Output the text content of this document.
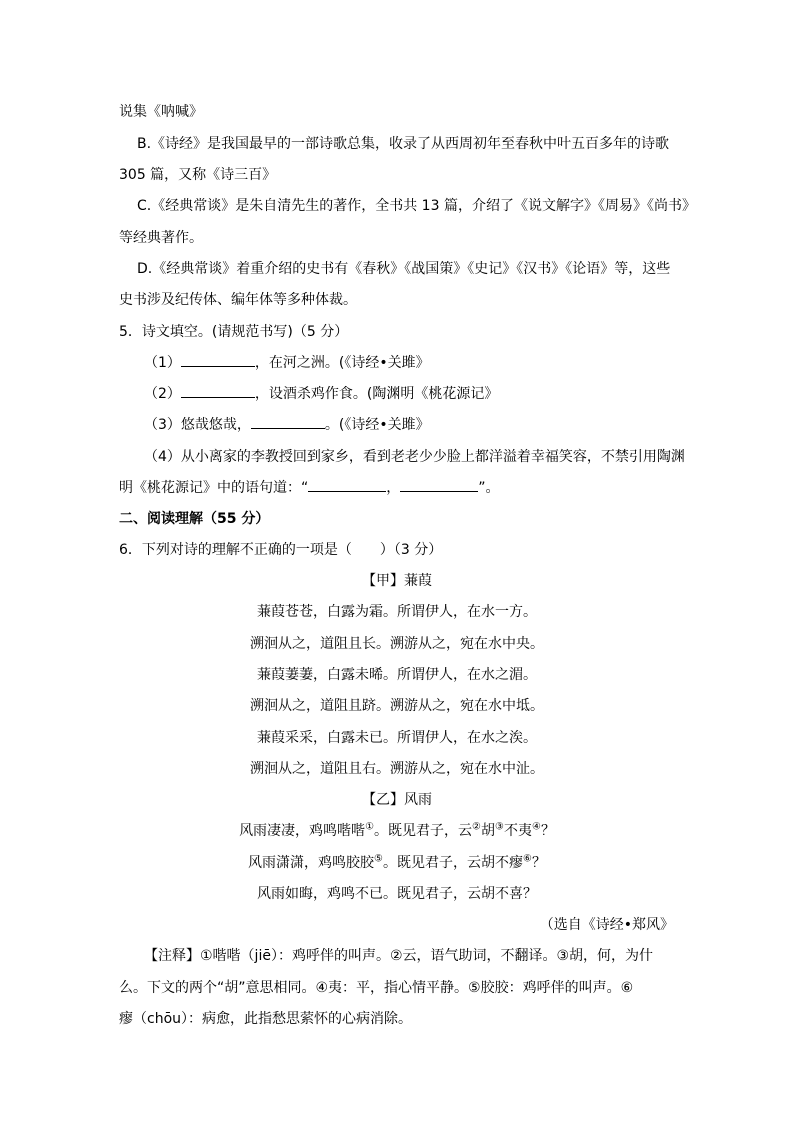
说集《呐喊》
B.《诗经》是我国最早的一部诗歌总集，收录了从西周初年至春秋中叶五百多年的诗歌
305 篇，又称《诗三百》
C.《经典常谈》是朱自清先生的著作，全书共 13 篇，介绍了《说文解字》《周易》《尚书》
等经典著作。
D.《经典常谈》着重介绍的史书有《春秋》《战国策》《史记》《汉书》《论语》等，这些
史书涉及纪传体、编年体等多种体裁。
5．诗文填空。(请规范书写)（5 分）
（1）	，在河之洲。(《诗经•关雎》
（2）	，设酒杀鸡作食。(陶渊明《桃花源记》
（3）悠哉悠哉，	。(《诗经•关雎》
（4）从小离家的李教授回到家乡，看到老老少少脸上都洋溢着幸福笑容，不禁引用陶渊
明《桃花源记》中的语句道：“	，	”。
二、阅读理解（55 分）
6．下列对诗的理解不正确的一项是（　　）（3 分）
【甲】蒹葭
蒹葭苍苍，白露为霜。所谓伊人，在水一方。
溯洄从之，道阻且长。溯游从之，宛在水中央。
蒹葭萋萋，白露未晞。所谓伊人，在水之湄。
溯洄从之，道阻且跻。溯游从之，宛在水中坻。
蒹葭采采，白露未已。所谓伊人，在水之涘。
溯洄从之，道阻且右。溯游从之，宛在水中沚。
【乙】风雨
风雨凄凄，鸡鸣喈喈①。既见君子，云②胡③不夷④？
风雨潇潇，鸡鸣胶胶⑤。既见君子，云胡不瘳⑥？
风雨如晦，鸡鸣不已。既见君子，云胡不喜？
（选自《诗经•郑风》
【注释】①喈喈（jiē）：鸡呼伴的叫声。②云，语气助词，不翻译。③胡，何，为什
么。下文的两个“胡”意思相同。④夷：平，指心情平静。⑤胶胶：鸡呼伴的叫声。⑥
瘳（chōu）：病愈，此指愁思萦怀的心病消除。
